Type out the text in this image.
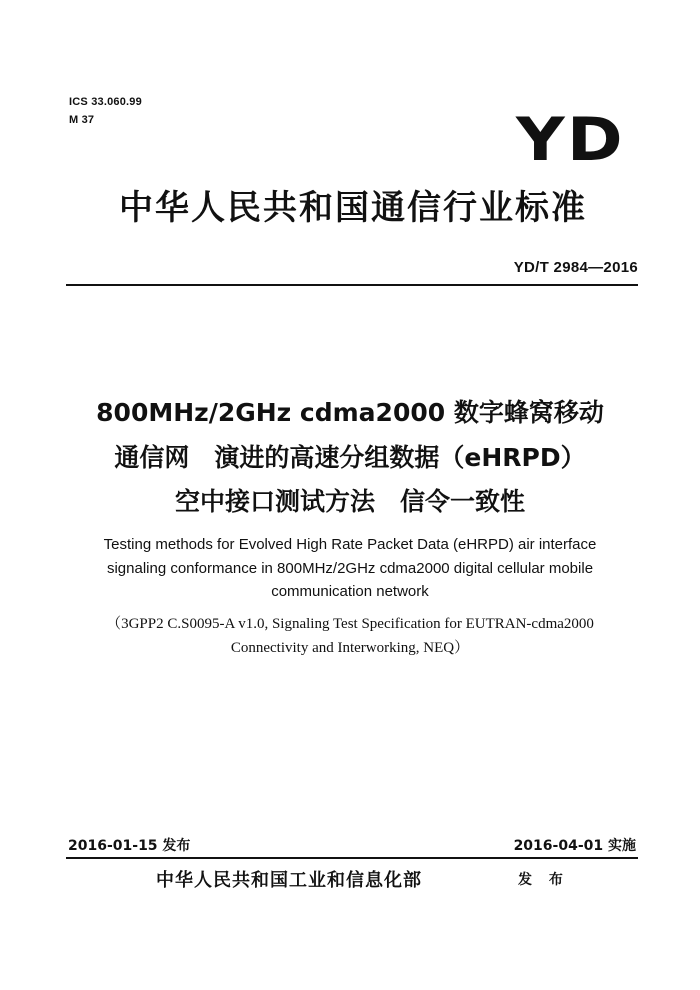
ICS 33.060.99
M 37	YD
中华人民共和国通信行业标准
YD/T 2984—2016
800MHz/2GHz cdma2000 数字蜂窝移动
通信网　演进的高速分组数据（eHRPD）
空中接口测试方法　信令一致性
Testing methods for Evolved High Rate Packet Data (eHRPD) air interface
signaling conformance in 800MHz/2GHz cdma2000 digital cellular mobile
communication network
（3GPP2 C.S0095-A v1.0, Signaling Test Specification for EUTRAN-cdma2000
Connectivity and Interworking, NEQ）
2016-01-15 发布	2016-04-01 实施
中华人民共和国工业和信息化部	发 布
